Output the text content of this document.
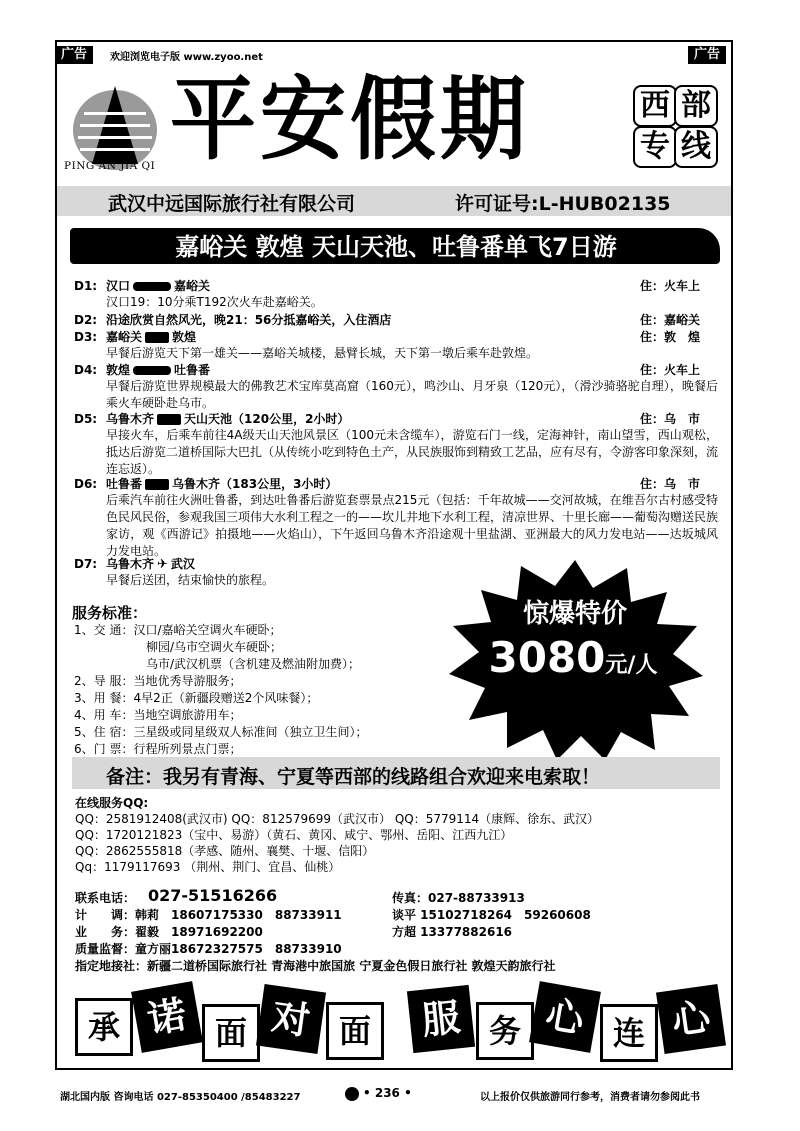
广告	广告
欢迎浏览电子版 www.zyoo.net
PING AN JIA QI 平安假期	西 部
专 线
武汉中远国际旅行社有限公司	许可证号:L-HUB02135
嘉峪关 敦煌 天山天池、吐鲁番单飞7日游
D1: 汉口	嘉峪关	住：火车上
汉口19：10分乘T192次火车赴嘉峪关。
D2: 沿途欣赏自然风光，晚21：56分抵嘉峪关，入住酒店	住：嘉峪关
D3: 嘉峪关	敦煌	住：敦　煌
早餐后游览天下第一雄关——嘉峪关城楼，悬臂长城，天下第一墩后乘车赴敦煌。
D4: 敦煌	吐鲁番	住：火车上
早餐后游览世界规模最大的佛教艺术宝库莫高窟（160元），鸣沙山、月牙泉（120元），（滑沙骑骆驼自理），晚餐后乘火车硬卧赴乌市。
D5: 乌鲁木齐	天山天池（120公里，2小时）	住：乌　市
早接火车，后乘车前往4A级天山天池风景区（100元未含缆车），游览石门一线，定海神针，南山望雪，西山观松，抵达后游览二道桥国际大巴扎（从传统小吃到特色土产，从民族服饰到精致工艺品，应有尽有，令游客印象深刻，流连忘返）。
D6: 吐鲁番	乌鲁木齐（183公里，3小时）	住：乌　市
后乘汽车前往火洲吐鲁番，到达吐鲁番后游览套票景点215元（包括：千年故城——交河故城，在维吾尔古村感受特色民风民俗，参观我国三项伟大水利工程之一的——坎儿井地下水利工程，清凉世界、十里长廊——葡萄沟赠送民族家访，观《西游记》拍摄地——火焰山），下午返回乌鲁木齐沿途观十里盐湖、亚洲最大的风力发电站——达坂城风力发电站。
D7: 乌鲁木齐 ✈ 武汉
早餐后送团，结束愉快的旅程。
服务标准：
1、交 通：汉口/嘉峪关空调火车硬卧；
柳园/乌市空调火车硬卧；
乌市/武汉机票（含机建及燃油附加费）；
2、导 服：当地优秀导游服务；
3、用 餐：4早2正（新疆段赠送2个风味餐）；
4、用 车：当地空调旅游用车；
5、住 宿：三星级或同星级双人标准间（独立卫生间）；
6、门 票：行程所列景点门票；
惊爆特价
3080元/人
备注：我另有青海、宁夏等西部的线路组合欢迎来电索取！
在线服务QQ:
QQ：2581912408(武汉市) QQ：812579699（武汉市） QQ：5779114（康辉、徐东、武汉）
QQ：1720121823（宝中、易游）（黄石、黄冈、咸宁、鄂州、岳阳、江西九江）
QQ：2862555818（孝感、随州、襄樊、十堰、信阳）
Qq：1179117693 （荆州、荆门、宜昌、仙桃）
联系电话： 027-51516266	传真：027-88733913
计　　调：韩莉　18607175330　88733911	谈平 15102718264　59260608
业　　务：翟毅　18971692200	方超 13377882616
质量监督：童方丽18672327575　88733910
指定地接社：新疆二道桥国际旅行社 青海港中旅国旅 宁夏金色假日旅行社 敦煌天韵旅行社
承 诺 面 对 面	服 务 心 连 心
湖北国内版 咨询电话 027-85350400 /85483227	• 236 •	以上报价仅供旅游同行参考，消费者请勿参阅此书
